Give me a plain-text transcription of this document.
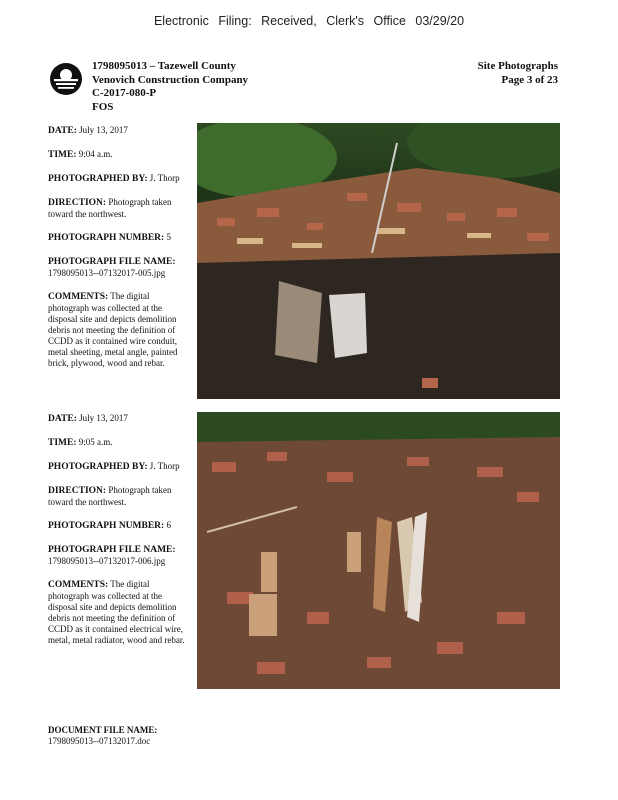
Electronic Filing: Received, Clerk's Office 03/29/20
1798095013 – Tazewell County
Venovich Construction Company
C-2017-080-P
FOS
Site Photographs
Page 3 of 23

DATE: July 13, 2017

TIME: 9:04 a.m.

PHOTOGRAPHED BY: J. Thorp

DIRECTION: Photograph taken toward the northwest.

PHOTOGRAPH NUMBER: 5

PHOTOGRAPH FILE NAME:
1798095013--07132017-005.jpg

COMMENTS: The digital photograph was collected at the disposal site and depicts demolition debris not meeting the definition of CCDD as it contained wire conduit, metal sheeting, metal angle, painted brick, plywood, wood and rebar.

DATE: July 13, 2017

TIME: 9:05 a.m.

PHOTOGRAPHED BY: J. Thorp

DIRECTION: Photograph taken toward the northwest.

PHOTOGRAPH NUMBER: 6

PHOTOGRAPH FILE NAME:
1798095013--07132017-006.jpg

COMMENTS: The digital photograph was collected at the disposal site and depicts demolition debris not meeting the definition of CCDD as it contained electrical wire, metal, metal radiator, wood and rebar.

DOCUMENT FILE NAME:
1798095013--07132017.doc
